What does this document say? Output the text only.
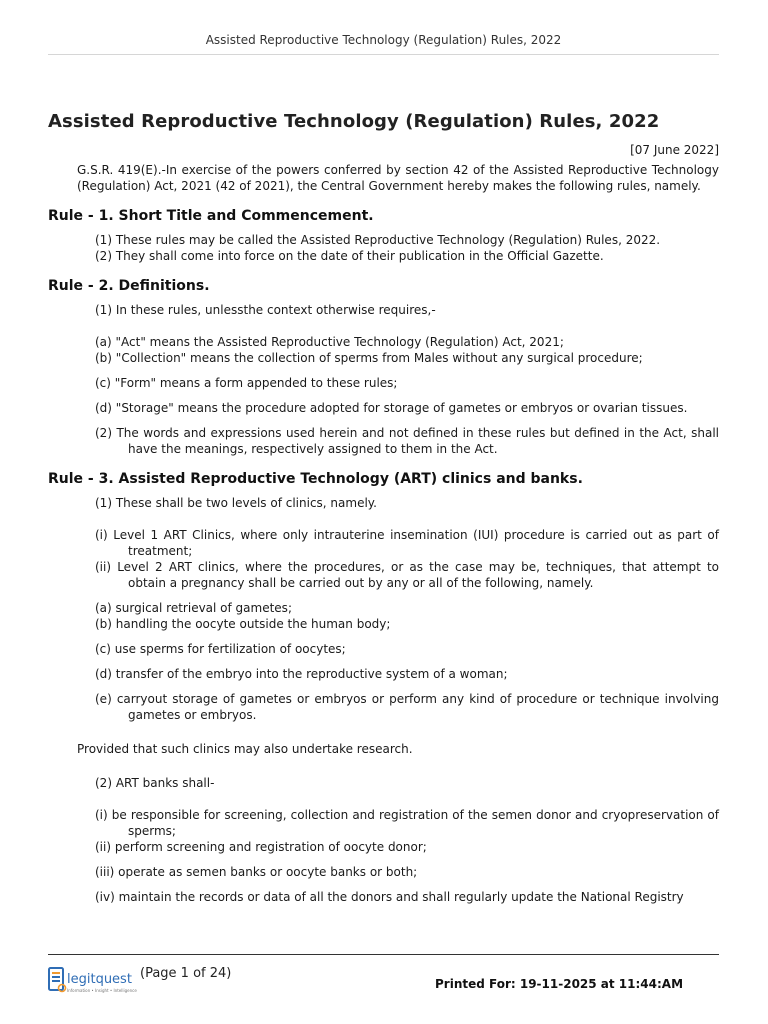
Assisted Reproductive Technology (Regulation) Rules, 2022
Assisted Reproductive Technology (Regulation) Rules, 2022
[07 June 2022]
G.S.R. 419(E).-In exercise of the powers conferred by section 42 of the Assisted Reproductive Technology (Regulation) Act, 2021 (42 of 2021), the Central Government hereby makes the following rules, namely.
Rule - 1. Short Title and Commencement.
(1) These rules may be called the Assisted Reproductive Technology (Regulation) Rules, 2022.
(2) They shall come into force on the date of their publication in the Official Gazette.
Rule - 2. Definitions.
(1) In these rules, unlessthe context otherwise requires,-
(a) "Act" means the Assisted Reproductive Technology (Regulation) Act, 2021;
(b) "Collection" means the collection of sperms from Males without any surgical procedure;
(c) "Form" means a form appended to these rules;
(d) "Storage" means the procedure adopted for storage of gametes or embryos or ovarian tissues.
(2) The words and expressions used herein and not defined in these rules but defined in the Act, shall have the meanings, respectively assigned to them in the Act.
Rule - 3. Assisted Reproductive Technology (ART) clinics and banks.
(1) These shall be two levels of clinics, namely.
(i) Level 1 ART Clinics, where only intrauterine insemination (IUI) procedure is carried out as part of treatment;
(ii) Level 2 ART clinics, where the procedures, or as the case may be, techniques, that attempt to obtain a pregnancy shall be carried out by any or all of the following, namely.
(a) surgical retrieval of gametes;
(b) handling the oocyte outside the human body;
(c) use sperms for fertilization of oocytes;
(d) transfer of the embryo into the reproductive system of a woman;
(e) carryout storage of gametes or embryos or perform any kind of procedure or technique involving gametes or embryos.
Provided that such clinics may also undertake research.
(2) ART banks shall-
(i) be responsible for screening, collection and registration of the semen donor and cryopreservation of sperms;
(ii) perform screening and registration of oocyte donor;
(iii) operate as semen banks or oocyte banks or both;
(iv) maintain the records or data of all the donors and shall regularly update the National Registry
legitquest
Information • Insight • Intelligence
(Page 1 of 24)
Printed For: 19-11-2025 at 11:44:AM
